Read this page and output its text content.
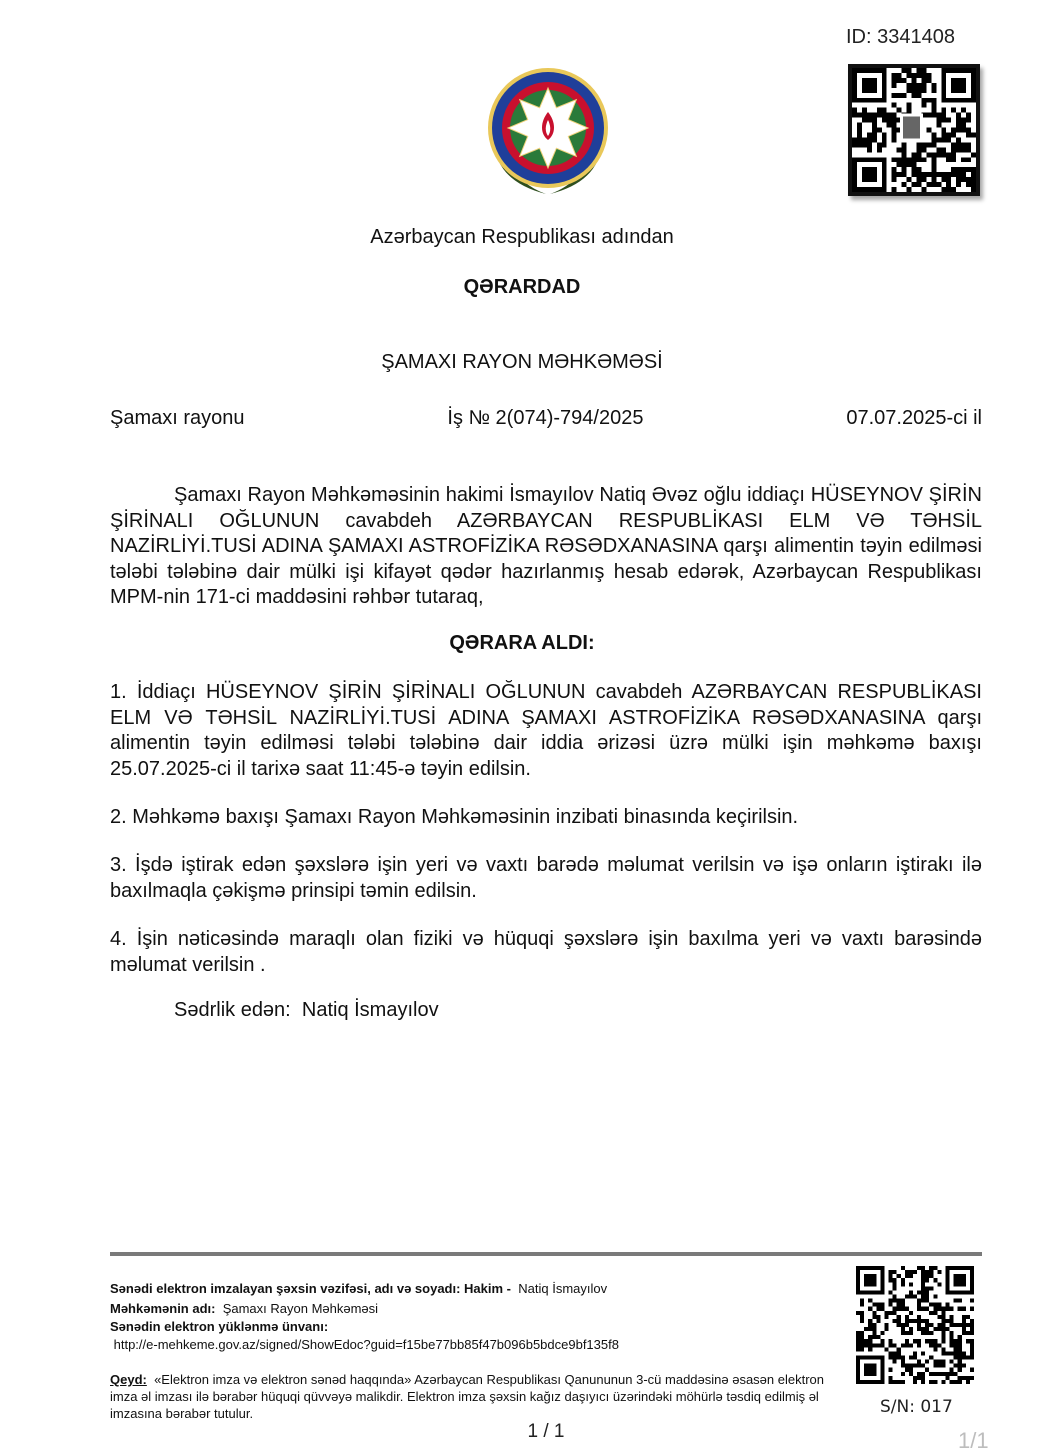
ID: 3341408
Azərbaycan Respublikası adından
QƏRARDAD
ŞAMAXI RAYON MƏHKƏMƏSİ
Şamaxı rayonu	İş № 2(074)-794/2025	07.07.2025-ci il
Şamaxı Rayon Məhkəməsinin hakimi İsmayılov Natiq Əvəz oğlu iddiaçı HÜSEYNOV ŞİRİN ŞİRİNALI OĞLUNUN cavabdeh AZƏRBAYCAN RESPUBLİKASI ELM VƏ TƏHSİL NAZİRLİYİ.TUSİ ADINA ŞAMAXI ASTROFİZİKA RƏSƏDXANASINA qarşı alimentin təyin edilməsi tələbi tələbinə dair mülki işi kifayət qədər hazırlanmış hesab edərək, Azərbaycan Respublikası MPM-nin 171-ci maddəsini rəhbər tutaraq,
QƏRARA ALDI:
1. İddiaçı HÜSEYNOV ŞİRİN ŞİRİNALI OĞLUNUN cavabdeh AZƏRBAYCAN RESPUBLİKASI ELM VƏ TƏHSİL NAZİRLİYİ.TUSİ ADINA ŞAMAXI ASTROFİZİKA RƏSƏDXANASINA qarşı alimentin təyin edilməsi tələbi tələbinə dair iddia ərizəsi üzrə mülki işin məhkəmə baxışı 25.07.2025-ci il tarixə saat 11:45-ə təyin edilsin.
2. Məhkəmə baxışı Şamaxı Rayon Məhkəməsinin inzibati binasında keçirilsin.
3. İşdə iştirak edən şəxslərə işin yeri və vaxtı barədə məlumat verilsin və işə onların iştirakı ilə baxılmaqla çəkişmə prinsipi təmin edilsin.
4. İşin nəticəsində maraqlı olan fiziki və hüquqi şəxslərə işin baxılma yeri və vaxtı barəsində məlumat verilsin .
Sədrlik edən: Natiq İsmayılov
Sənədi elektron imzalayan şəxsin vəzifəsi, adı və soyadı: Hakim - Natiq İsmayılov
Məhkəmənin adı: Şamaxı Rayon Məhkəməsi
Sənədin elektron yüklənmə ünvanı:
http://e-mehkeme.gov.az/signed/ShowEdoc?guid=f15be77bb85f47b096b5bdce9bf135f8
Qeyd: «Elektron imza və elektron sənəd haqqında» Azərbaycan Respublikası Qanununun 3-cü maddəsinə əsasən elektron imza əl imzası ilə bərabər hüquqi qüvvəyə malikdir. Elektron imza şəxsin kağız daşıyıcı üzərindəki möhürlə təsdiq edilmiş əl imzasına bərabər tutulur.	S/N: 017
1 / 1	1/1
